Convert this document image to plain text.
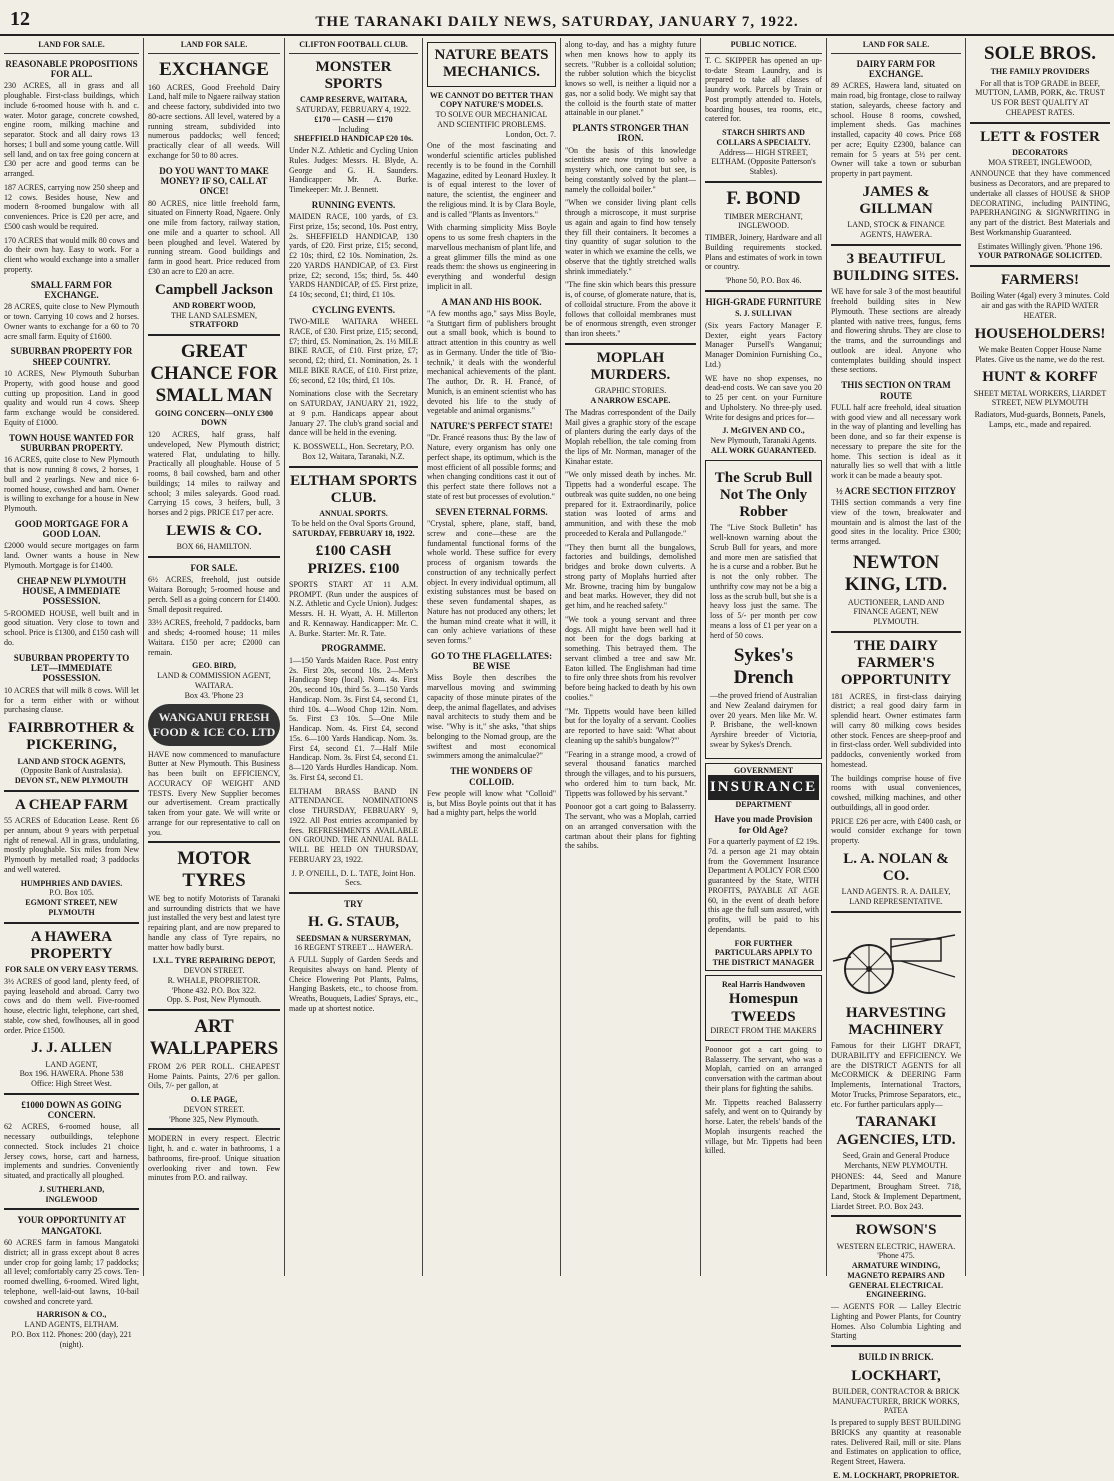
12	THE TARANAKI DAILY NEWS, SATURDAY, JANUARY 7, 1922.
LAND FOR SALE.
REASONABLE PROPOSITIONS FOR ALL.
230 ACRES, all in grass and all ploughable. First-class buildings, which include 6-roomed house with h. and c. water. Motor garage, concrete cowshed, engine room, milking machine and separator. Stock and all dairy rows 13 horses; 1 bull and some young cattle. Will sell land, and on tax free going concern at £30 per acre and good terms can be arranged.
187 ACRES, carrying now 250 sheep and 12 cows. Besides house, New and modern 8-roomed bungalow with all conveniences. Price is £20 per acre, and £500 cash would be required.
170 ACRES that would milk 80 cows and do their own hay. Easy to work. For a client who would exchange into a smaller property.
SMALL FARM FOR EXCHANGE.
28 ACRES, quite close to New Plymouth or town. Carrying 10 cows and 2 horses. Owner wants to exchange for a 60 to 70 acre small farm. Equity of £1600.
SUBURBAN PROPERTY FOR SHEEP COUNTRY.
10 ACRES, New Plymouth Suburban Property, with good house and good cutting up proposition. Land in good quality and would run 4 cows. Sheep farm exchange would be considered. Equity of £1000.
TOWN HOUSE WANTED FOR SUBURBAN PROPERTY.
16 ACRES, quite close to New Plymouth that is now running 8 cows, 2 horses, 1 bull and 2 yearlings. New and nice 6-roomed house, cowshed and barn. Owner is willing to exchange for a house in New Plymouth.
GOOD MORTGAGE FOR A GOOD LOAN.
£2000 would secure mortgages on farm land. Owner wants a house in New Plymouth. Mortgage is for £1400.
CHEAP NEW PLYMOUTH HOUSE, A IMMEDIATE POSSESSION.
5-ROOMED HOUSE, well built and in good situation. Very close to town and school. Price is £1300, and £150 cash will do.
SUBURBAN PROPERTY TO LET—IMMEDIATE POSSESSION.
10 ACRES that will milk 8 cows. Will let for a term either with or without purchasing clause.
FAIRBROTHER & PICKERING,
LAND AND STOCK AGENTS,
(Opposite Bank of Australasia).
DEVON ST., NEW PLYMOUTH
A CHEAP FARM
55 ACRES of Education Lease. Rent £6 per annum, about 9 years with perpetual right of renewal. All in grass, undulating, mostly ploughable. Six miles from New Plymouth by metalled road; 3 paddocks and well watered.
HUMPHRIES AND DAVIES.
P.O. Box 105.
EGMONT STREET, NEW PLYMOUTH
A HAWERA PROPERTY
FOR SALE ON VERY EASY TERMS.
3½ ACRES of good land, plenty feed, of paying leasehold and abroad. Carry two cows and do them well. Five-roomed house, electric light, telephone, cart shed, stable, cow shed, fowlhouses, all in good order. Price £1500.
J. J. ALLEN
LAND AGENT,
Box 196. HAWERA. Phone 538
Office: High Street West.
£1000 DOWN AS GOING CONCERN.
62 ACRES, 6-roomed house, all necessary outbuildings, telephone connected. Stock includes 21 choice Jersey cows, horse, cart and harness, implements and sundries. Conveniently situated, and practically all ploughed.
J. SUTHERLAND,
INGLEWOOD
YOUR OPPORTUNITY AT MANGATOKI.
60 ACRES farm in famous Mangatoki district; all in grass except about 8 acres under crop for going lamb; 17 paddocks; all level; comfortably carry 25 cows. Ten-roomed dwelling, 6-roomed. Wired light, telephone, well-laid-out lawns, 10-bail cowshed and concrete yard.
HARRISON & CO.,
LAND AGENTS, ELTHAM.
P.O. Box 112. Phones: 200 (day), 221 (night).
LAND FOR SALE.
EXCHANGE
160 ACRES, Good Freehold Dairy Land, half mile to Ngaere railway station and cheese factory, subdivided into two 80-acre sections. All level, watered by a running stream, subdivided into numerous paddocks; well fenced; practically clear of all weeds. Will exchange for 50 to 80 acres.
DO YOU WANT TO MAKE MONEY? IF SO, CALL AT ONCE!
80 ACRES, nice little freehold farm, situated on Finnerty Road, Ngaere. Only one mile from factory, railway station, one mile and a quarter to school. All been ploughed and level. Watered by running stream. Good buildings and farm in good heart. Price reduced from £30 an acre to £20 an acre.
Campbell Jackson
AND ROBERT WOOD,
THE LAND SALESMEN,
STRATFORD
GREAT CHANCE FOR SMALL MAN
GOING CONCERN—ONLY £300 DOWN
120 ACRES, half grass, half undeveloped, New Plymouth district; watered Flat, undulating to hilly. Practically all ploughable. House of 5 rooms, 8 bail cowshed, barn and other buildings; 14 miles to railway and school; 3 miles saleyards. Good road. Carrying 15 cows, 3 heifers, bull, 3 horses and 2 pigs. PRICE £17 per acre.
LEWIS & CO.
BOX 66, HAMILTON.
FOR SALE.
6½ ACRES, freehold, just outside Waitara Borough; 5-roomed house and perch. Sell as a going concern for £1400. Small deposit required.
33½ ACRES, freehold, 7 paddocks, barn and sheds; 4-roomed house; 11 miles Waitara. £150 per acre; £2000 can remain.
GEO. BIRD,
LAND & COMMISSION AGENT,
WAITARA.
Box 43. 'Phone 23
WANGANUI FRESH FOOD & ICE CO. LTD
HAVE now commenced to manufacture Butter at New Plymouth. This Business has been built on EFFICIENCY, ACCURACY OF WEIGHT AND TESTS. Every New Supplier becomes our advertisement. Cream practically taken from your gate. We will write or arrange for our representative to call on you.
MOTOR TYRES
WE beg to notify Motorists of Taranaki and surrounding districts that we have just installed the very best and latest tyre repairing plant, and are now prepared to handle any class of Tyre repairs, no matter how badly burst.
I.X.L. TYRE REPAIRING DEPOT,
DEVON STREET.
R. WHALE, PROPRIETOR.
'Phone 432. P.O. Box 322.
Opp. S. Post, New Plymouth.
ART WALLPAPERS
FROM 2/6 PER ROLL. CHEAPEST Home Paints. Paints, 27/6 per gallon. Oils, 7/- per gallon, at
O. LE PAGE,
DEVON STREET.
'Phone 325, New Plymouth.
MODERN in every respect. Electric light, h. and c. water in bathrooms, 1 a bathrooms, fire-proof. Unique situation overlooking river and town. Few minutes from P.O. and railway.
CLIFTON FOOTBALL CLUB.
MONSTER SPORTS
CAMP RESERVE, WAITARA,
SATURDAY, FEBRUARY 4, 1922.
£170 — CASH — £170
Including
SHEFFIELD HANDICAP £20 10s.
Under N.Z. Athletic and Cycling Union Rules. Judges: Messrs. H. Blyde, A. George and G. H. Saunders. Handicapper: Mr. A. Burke. Timekeeper: Mr. J. Bennett.
RUNNING EVENTS.
MAIDEN RACE, 100 yards, of £3. First prize, 15s; second, 10s. Post entry, 2s. SHEFFIELD HANDICAP, 130 yards, of £20. First prize, £15; second, £2 10s; third, £2 10s. Nomination, 2s. 220 YARDS HANDICAP, of £3. First prize, £2; second, 15s; third, 5s. 440 YARDS HANDICAP, of £5. First prize, £4 10s; second, £1; third, £1 10s.
CYCLING EVENTS.
TWO-MILE WAITARA WHEEL RACE, of £30. First prize, £15; second, £7; third, £5. Nomination, 2s. 1½ MILE BIKE RACE, of £10. First prize, £7; second, £2; third, £1. Nomination, 2s. 1 MILE BIKE RACE, of £10. First prize, £6; second, £2 10s; third, £1 10s.
Nominations close with the Secretary on SATURDAY, JANUARY 21, 1922, at 9 p.m. Handicaps appear about January 27. The club's grand social and dance will be held in the evening.
K. BOSSWELL, Hon. Secretary, P.O. Box 12, Waitara, Taranaki, N.Z.
ELTHAM SPORTS CLUB.
ANNUAL SPORTS.
To be held on the Oval Sports Ground,
SATURDAY, FEBRUARY 18, 1922.
£100 CASH PRIZES. £100
SPORTS START AT 11 A.M. PROMPT. (Run under the auspices of N.Z. Athletic and Cycle Union). Judges: Messrs. H. H. Wyatt, A. H. Millerton and R. Kennaway. Handicapper: Mr. C. A. Burke. Starter: Mr. R. Tate.
PROGRAMME.
1—150 Yards Maiden Race. Post entry 2s. First 20s, second 10s. 2—Men's Handicap Step (local). Nom. 4s. First 20s, second 10s, third 5s. 3—150 Yards Handicap. Nom. 3s. First £4, second £1, third 10s. 4—Wood Chop 12in. Nom. 5s. First £3 10s. 5—One Mile Handicap. Nom. 4s. First £4, second 15s. 6—100 Yards Handicap. Nom. 3s. First £4, second £1. 7—Half Mile Handicap. Nom. 3s. First £4, second £1. 8—120 Yards Hurdles Handicap. Nom. 3s. First £4, second £1.
ELTHAM BRASS BAND IN ATTENDANCE. NOMINATIONS close THURSDAY, FEBRUARY 9, 1922. All Post entries accompanied by fees. REFRESHMENTS AVAILABLE ON GROUND. THE ANNUAL BALL WILL BE HELD ON THURSDAY, FEBRUARY 23, 1922.
J. P. O'NEILL, D. L. TATE, Joint Hon. Secs.
TRY
H. G. STAUB,
SEEDSMAN & NURSERYMAN,
16 REGENT STREET ... HAWERA.
A FULL Supply of Garden Seeds and Requisites always on hand. Plenty of Cheice Flowering Pot Plants, Palms, Hanging Baskets, etc., to choose from. Wreaths, Bouquets, Ladies' Sprays, etc., made up at shortest notice.
NATURE BEATS MECHANICS.
WE CANNOT DO BETTER THAN COPY NATURE'S MODELS.
TO SOLVE OUR MECHANICAL AND SCIENTIFIC PROBLEMS.
London, Oct. 7.
One of the most fascinating and wonderful scientific articles published recently is to be found in the Cornhill Magazine, edited by Leonard Huxley. It is of equal interest to the lover of nature, the scientist, the engineer and the religious mind. It is by Clara Boyle, and is called "Plants as Inventors."
With charming simplicity Miss Boyle opens to us some fresh chapters in the marvellous mechanism of plant life, and a great glimmer fills the mind as one reads them: the shows us engineering in everything and wonderful design implicit in all.
A MAN AND HIS BOOK.
"A few months ago," says Miss Boyle, "a Stuttgart firm of publishers brought out a small book, which is bound to attract attention in this country as well as in Germany. Under the title of 'Bio-technik,' it deals with the wonderful mechanical achievements of the plant. The author, Dr. R. H. Francé, of Munich, is an eminent scientist who has devoted his life to the study of vegetable and animal organisms."
NATURE'S PERFECT STATE!
"Dr. Francé reasons thus: By the law of Nature, every organism has only one perfect shape, its optimum, which is the most efficient of all possible forms; and when changing conditions cast it out of this perfect state there follows not a state of rest but processes of evolution."
SEVEN ETERNAL FORMS.
"Crystal, sphere, plane, staff, band, screw and cone—these are the fundamental functional forms of the whole world. These suffice for every process of organism towards the construction of any technically perfect object. In every individual optimum, all existing substances must be based on these seven fundamental shapes, as Nature has not produced any others; let the human mind create what it will, it can only achieve variations of these seven forms."
GO TO THE FLAGELLATES: BE WISE
Miss Boyle then describes the marvellous moving and swimming capacity of those minute pirates of the deep, the animal flagellates, and advises naval architects to study them and be wise. "Why is it," she asks, "that ships belonging to the Nomad group, are the swiftest and most economical swimmers among the animalculae?"
THE WONDERS OF COLLOID.
Few people will know what "Colloid" is, but Miss Boyle points out that it has had a mighty part, helps the world
along to-day, and has a mighty future when men knows how to apply its secrets. "Rubber is a colloidal solution; the rubber solution which the bicyclist knows so well, is neither a liquid nor a gas, nor a solid body. We might say that the colloid is the fourth state of matter attainable in our planet."
PLANTS STRONGER THAN IRON.
"On the basis of this knowledge scientists are now trying to solve a mystery which, one cannot but see, is being constantly solved by the plant—namely the colloidal boiler."
"When we consider living plant cells through a microscope, it must surprise us again and again to find how tensely they fill their containers. It becomes a tiny quantity of sugar solution to the water in which we examine the cells, we observe that the tightly stretched walls shrink immediately."
"The fine skin which bears this pressure is, of course, of glomerate nature, that is, of colloidal structure. From the above it follows that colloidal membranes must be of enormous strength, even stronger than iron sheets."
MOPLAH MURDERS.
GRAPHIC STORIES.
A NARROW ESCAPE.
The Madras correspondent of the Daily Mail gives a graphic story of the escape of planters during the early days of the Moplah rebellion, the tale coming from the lips of Mr. Norman, manager of the Kinahar estate.
"We only missed death by inches. Mr. Tippetts had a wonderful escape. The outbreak was quite sudden, no one being prepared for it. Extraordinarily, police station was looted of arms and ammunition, and with these the mob proceeded to Kerala and Pullangode."
"They then burnt all the bungalows, factories and buildings, demolished bridges and broke down culverts. A strong party of Moplahs hurried after Mr. Browne, tracing him by bungalow and beat marks. However, they did not get him, and he reached safety."
"We took a young servant and three dogs. All might have been well had it not been for the dogs barking at something. This betrayed them. The servant climbed a tree and saw Mr. Eaton killed. The Englishman had time to fire only three shots from his revolver before being hacked to death by his own coolies."
"Mr. Tippetts would have been killed but for the loyalty of a servant. Coolies are reported to have said: 'What about cleaning up the sahib's bungalow?'"
"Fearing in a strange mood, a crowd of several thousand fanatics marched through the villages, and to his pursuers, who ordered him to turn back, Mr. Tippetts was followed by his servant."
Poonoor got a cart going to Balasserry. The servant, who was a Moplah, carried on an arranged conversation with the cartman about their plans for fighting the sahibs.
PUBLIC NOTICE.
T. C. SKIPPER has opened an up-to-date Steam Laundry, and is prepared to take all classes of laundry work. Parcels by Train or Post promptly attended to. Hotels, boarding houses, tea rooms, etc., catered for.
STARCH SHIRTS AND COLLARS A SPECIALTY.
Address— HIGH STREET, ELTHAM. (Opposite Patterson's Stables).
F. BOND
TIMBER MERCHANT, INGLEWOOD.
TIMBER, Joinery, Hardware and all Building requirements stocked. Plans and estimates of work in town or country.
'Phone 50, P.O. Box 46.
HIGH-GRADE FURNITURE
S. J. SULLIVAN
(Six years Factory Manager F. Dexter, eight years Factory Manager Pursell's Wanganui; Manager Dominion Furnishing Co., Ltd.)
WE have no shop expenses, no dead-end costs. We can save you 20 to 25 per cent. on your Furniture and Upholstery. No three-ply used. Write for designs and prices for—
J. McGIVEN AND CO.,
New Plymouth, Taranaki Agents.
ALL WORK GUARANTEED.
The Scrub Bull Not The Only Robber
The "Live Stock Bulletin" has well-known warning about the Scrub Bull for years, and more and more men are satisfied that he is a curse and a robber. But he is not the only robber. The unthrifty cow may not be a big a loss as the scrub bull, but she is a heavy loss just the same. The loss of 5/- per month per cow means a loss of £1 per year on a herd of 50 cows.
Sykes's Drench
—the proved friend of Australian and New Zealand dairymen for over 20 years. Men like Mr. W. P. Brisbane, the well-known Ayrshire breeder of Victoria, swear by Sykes's Drench.
GOVERNMENT
INSURANCE
DEPARTMENT
Have you made Provision for Old Age?
For a quarterly payment of £2 19s. 7d. a person age 21 may obtain from the Government Insurance Department A POLICY FOR £500 guaranteed by the State, WITH PROFITS, PAYABLE AT AGE 60, in the event of death before this age the full sum assured, with profits, will be paid to his dependants.
FOR FURTHER PARTICULARS APPLY TO THE DISTRICT MANAGER
Real Harris Handwoven
Homespun TWEEDS
DIRECT FROM THE MAKERS
Poonoor got a cart going to Balasserry. The servant, who was a Moplah, carried on an arranged conversation with the cartman about their plans for fighting the sahibs.
Mr. Tippetts reached Balasserry safely, and went on to Quirandy by horse. Later, the rebels' bands of the Moplah insurgents reached the village, but Mr. Tippetts had been killed.
LAND FOR SALE.
DAIRY FARM FOR EXCHANGE.
89 ACRES, Hawera land, situated on main road, big frontage, close to railway station, saleyards, cheese factory and school. House 8 rooms, cowshed, implement sheds. Gas machines installed, capacity 40 cows. Price £68 per acre; Equity £2300, balance can remain for 5 years at 5½ per cent. Owner will take a town or suburban property in part payment.
JAMES & GILLMAN
LAND, STOCK & FINANCE AGENTS, HAWERA.
3 BEAUTIFUL BUILDING SITES.
WE have for sale 3 of the most beautiful freehold building sites in New Plymouth. These sections are already planted with native trees, fungus, ferns and flowering shrubs. They are close to the trams, and the surroundings and outlook are ideal. Anyone who contemplates building should inspect these sections.
THIS SECTION ON TRAM ROUTE
FULL half acre freehold, ideal situation with good view and all necessary work in the way of planting and levelling has been done, and so far their expense is necessary to prepare the site for the home. This section is ideal as it naturally lies so well that with a little work it can be made a beauty spot.
½ ACRE SECTION FITZROY
THIS section commands a very fine view of the town, breakwater and mountain and is almost the last of the good sites in the locality. Price £300; terms arranged.
NEWTON KING, LTD.
AUCTIONEER, LAND AND FINANCE AGENT, NEW PLYMOUTH.
THE DAIRY FARMER'S OPPORTUNITY
181 ACRES, in first-class dairying district; a real good dairy farm in splendid heart. Owner estimates farm will carry 80 milking cows besides other stock. Fences are sheep-proof and in first-class order. Well subdivided into paddocks, conveniently worked from homestead.
The buildings comprise house of five rooms with usual conveniences, cowshed, milking machines, and other outbuildings, all in good order.
PRICE £26 per acre, with £400 cash, or would consider exchange for town property.
L. A. NOLAN & CO.
LAND AGENTS. R. A. DAILEY, LAND REPRESENTATIVE.
HARVESTING MACHINERY
Famous for their LIGHT DRAFT, DURABILITY and EFFICIENCY. We are the DISTRICT AGENTS for all McCORMICK & DEERING Farm Implements, International Tractors, Motor Trucks, Primrose Separators, etc., etc. For further particulars apply—
TARANAKI AGENCIES, LTD.
Seed, Grain and General Produce Merchants, NEW PLYMOUTH.
PHONES: 44, Seed and Manure Department, Brougham Street. 718, Land, Stock & Implement Department, Liardet Street. P.O. Box 243.
ROWSON'S
WESTERN ELECTRIC, HAWERA.
'Phone 475.
ARMATURE WINDING, MAGNETO REPAIRS AND GENERAL ELECTRICAL ENGINEERING.
— AGENTS FOR — Lalley Electric Lighting and Power Plants, for Country Homes. Also Columbia Lighting and Starting
BUILD IN BRICK.
LOCKHART,
BUILDER, CONTRACTOR & BRICK MANUFACTURER, BRICK WORKS, PATEA
Is prepared to supply BEST BUILDING BRICKS any quantity at reasonable rates. Delivered Rail, mill or site. Plans and Estimates on application to office, Regent Street, Hawera.
E. M. LOCKHART, PROPRIETOR.
SOLE BROS.
THE FAMILY PROVIDERS
For all that is TOP GRADE in BEEF, MUTTON, LAMB, PORK, &c. TRUST US FOR BEST QUALITY AT CHEAPEST RATES.
LETT & FOSTER
DECORATORS
MOA STREET, INGLEWOOD,
ANNOUNCE that they have commenced business as Decorators, and are prepared to undertake all classes of HOUSE & SHOP DECORATING, including PAINTING, PAPERHANGING & SIGNWRITING in any part of the district. Best Materials and Best Workmanship Guaranteed.
Estimates Willingly given. 'Phone 196.
YOUR PATRONAGE SOLICITED.
FARMERS!
Boiling Water (4gal) every 3 minutes. Cold air and gas with the RAPID WATER HEATER.
HOUSEHOLDERS!
We make Beaten Copper House Name Plates. Give us the name, we do the rest.
HUNT & KORFF
SHEET METAL WORKERS, LIARDET STREET, NEW PLYMOUTH
Radiators, Mud-guards, Bonnets, Panels, Lamps, etc., made and repaired.
